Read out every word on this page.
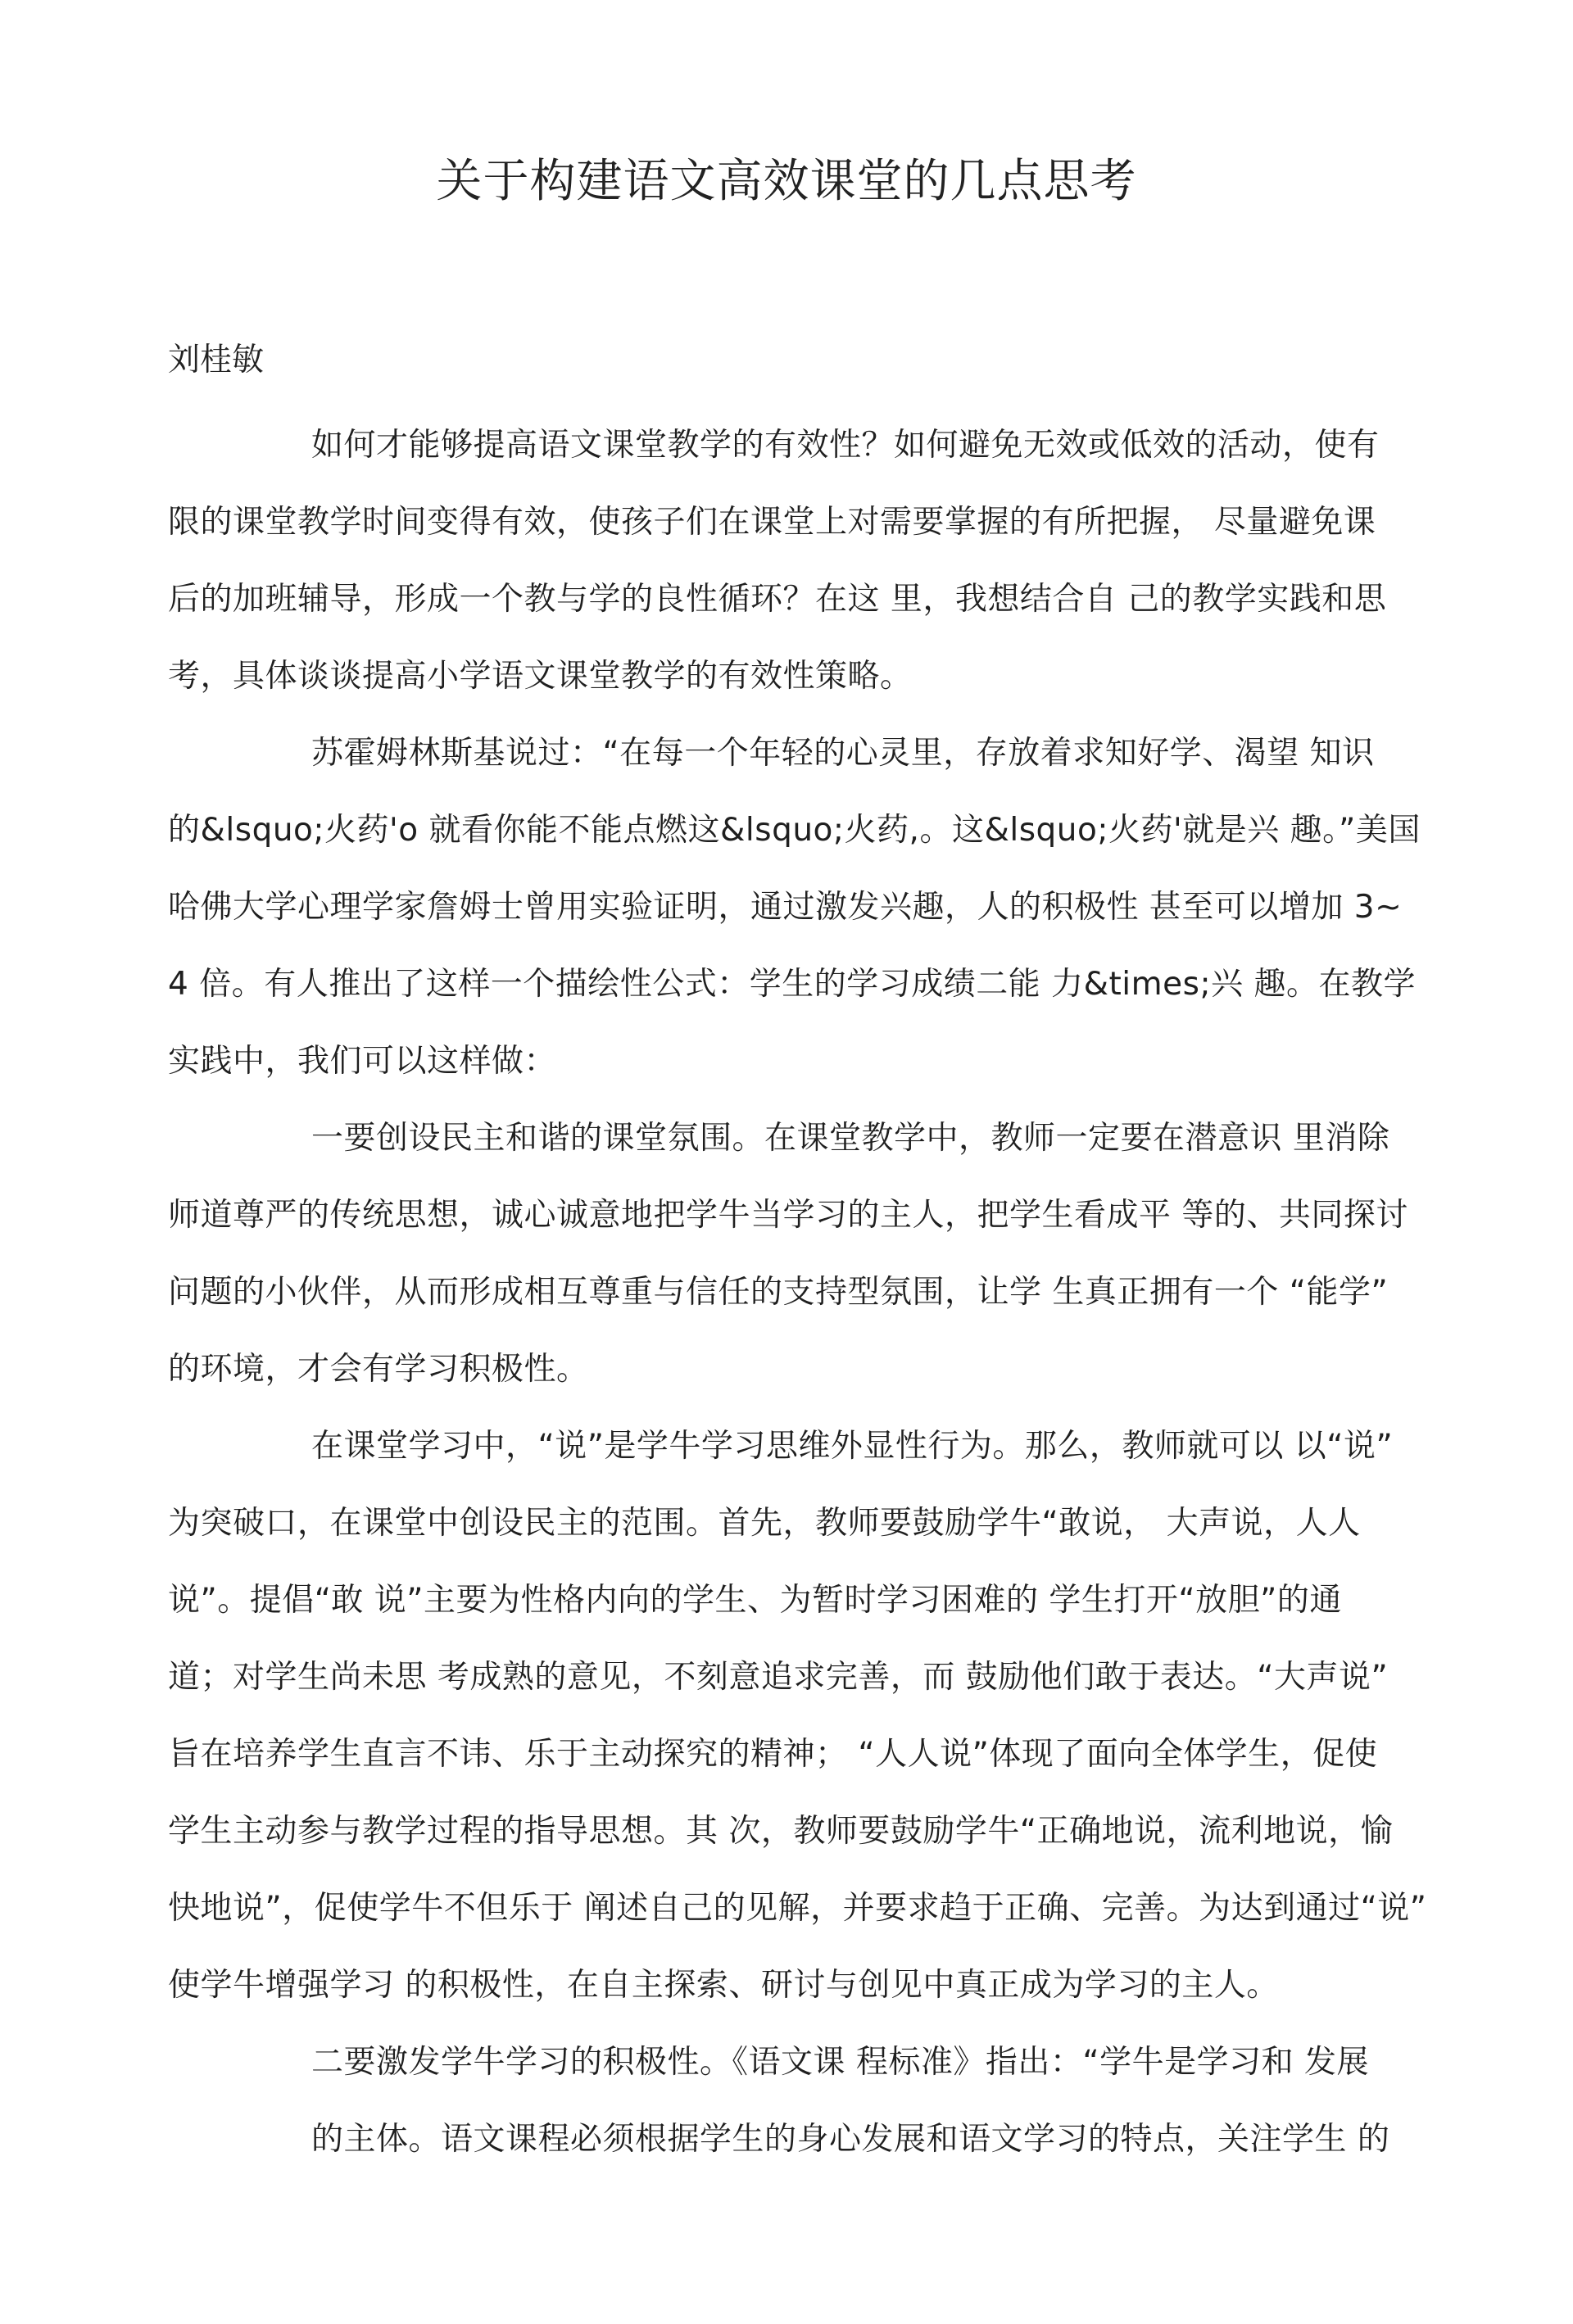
关于构建语文高效课堂的几点思考
刘桂敏
如何才能够提高语文课堂教学的有效性？如何避免无效或低效的活动，使有
限的课堂教学时间变得有效，使孩子们在课堂上对需要掌握的有所把握， 尽量避免课
后的加班辅导，形成一个教与学的良性循环？在这 里，我想结合自 己的教学实践和思
考，具体谈谈提高小学语文课堂教学的有效性策略。
苏霍姆林斯基说过：“在每一个年轻的心灵里，存放着求知好学、渴望 知识
的&lsquo;火药'o 就看你能不能点燃这&lsquo;火药,。这&lsquo;火药'就是兴 趣。”美国
哈佛大学心理学家詹姆士曾用实验证明，通过激发兴趣，人的积极性 甚至可以增加 3~
4 倍。有人推出了这样一个描绘性公式：学生的学习成绩二能 力&times;兴 趣。在教学
实践中，我们可以这样做：
一要创设民主和谐的课堂氛围。在课堂教学中，教师一定要在潜意识 里消除
师道尊严的传统思想，诚心诚意地把学牛当学习的主人，把学生看成平 等的、共同探讨
问题的小伙伴，从而形成相互尊重与信任的支持型氛围，让学 生真正拥有一个 “能学”
的环境，才会有学习积极性。
在课堂学习中，“说”是学牛学习思维外显性行为。那么，教师就可以 以“说”
为突破口，在课堂中创设民主的范围。首先，教师要鼓励学牛“敢说， 大声说，人人
说”。提倡“敢 说”主要为性格内向的学生、为暂时学习困难的 学生打开“放胆”的通
道；对学生尚未思 考成熟的意见，不刻意追求完善，而 鼓励他们敢于表达。“大声说”
旨在培养学生直言不讳、乐于主动探究的精神； “人人说”体现了面向全体学生，促使
学生主动参与教学过程的指导思想。其 次，教师要鼓励学牛“正确地说，流利地说，愉
快地说”，促使学牛不但乐于 阐述自己的见解，并要求趋于正确、完善。为达到通过“说”
使学牛增强学习 的积极性，在自主探索、研讨与创见中真正成为学习的主人。
二要激发学牛学习的积极性。《语文课 程标准》指出：“学牛是学习和 发展
的主体。语文课程必须根据学生的身心发展和语文学习的特点，关注学生 的
